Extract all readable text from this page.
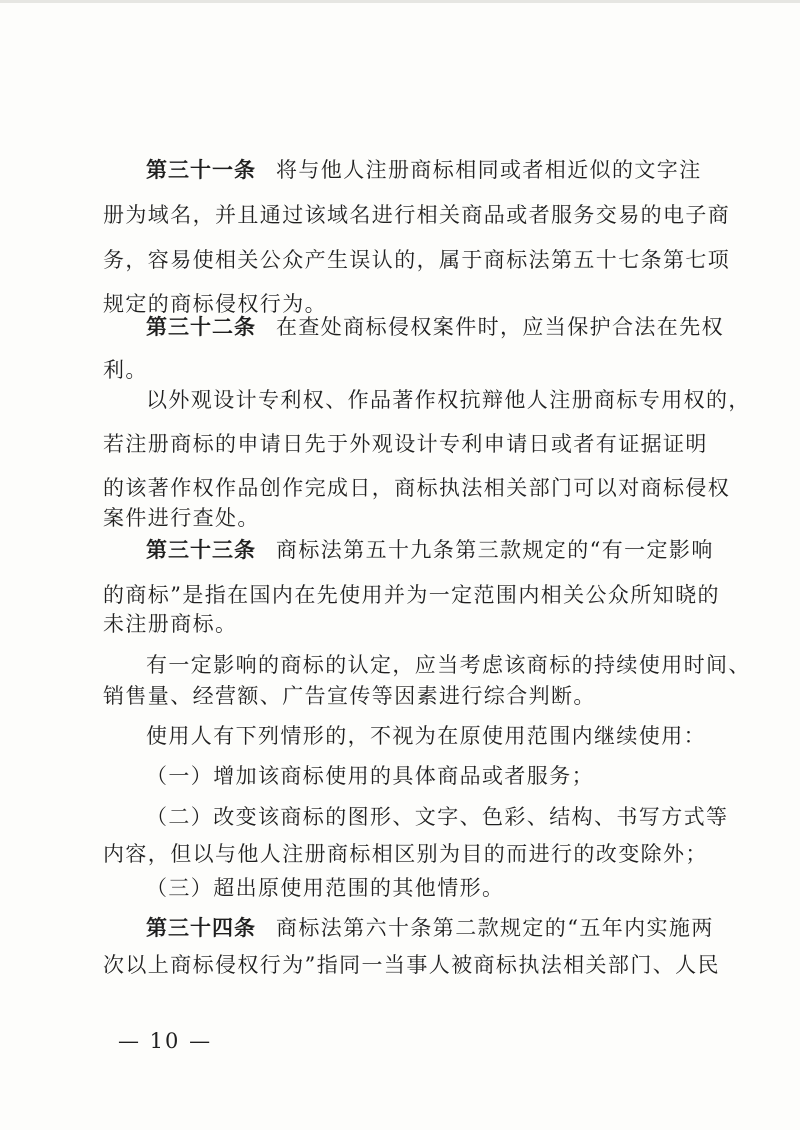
第三十一条 将与他人注册商标相同或者相近似的文字注
册为域名，并且通过该域名进行相关商品或者服务交易的电子商
务，容易使相关公众产生误认的，属于商标法第五十七条第七项
规定的商标侵权行为。
第三十二条 在查处商标侵权案件时，应当保护合法在先权
利。
以外观设计专利权、作品著作权抗辩他人注册商标专用权的，
若注册商标的申请日先于外观设计专利申请日或者有证据证明
的该著作权作品创作完成日，商标执法相关部门可以对商标侵权
案件进行查处。
第三十三条 商标法第五十九条第三款规定的“有一定影响
的商标”是指在国内在先使用并为一定范围内相关公众所知晓的
未注册商标。
有一定影响的商标的认定，应当考虑该商标的持续使用时间、
销售量、经营额、广告宣传等因素进行综合判断。
使用人有下列情形的，不视为在原使用范围内继续使用：
（一）增加该商标使用的具体商品或者服务；
（二）改变该商标的图形、文字、色彩、结构、书写方式等
内容，但以与他人注册商标相区别为目的而进行的改变除外；
（三）超出原使用范围的其他情形。
第三十四条 商标法第六十条第二款规定的“五年内实施两
次以上商标侵权行为”指同一当事人被商标执法相关部门、人民
— 10 —
